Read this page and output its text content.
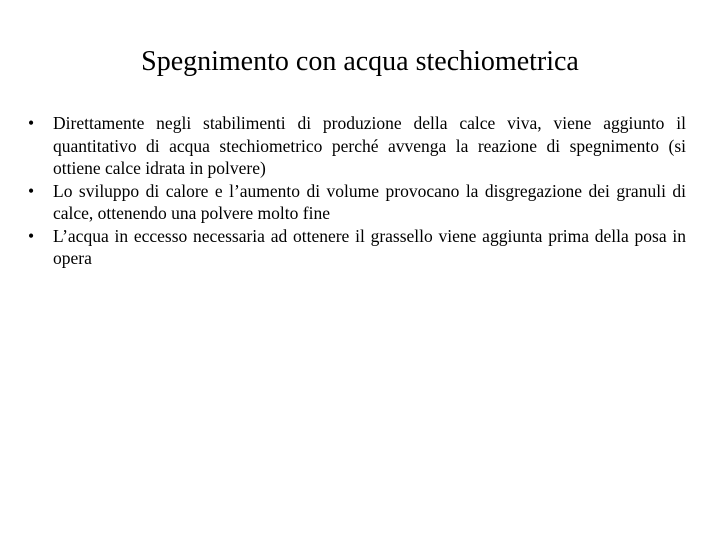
Spegnimento con acqua stechiometrica
•	Direttamente negli stabilimenti di produzione della calce viva, viene aggiunto il quantitativo di acqua stechiometrico perché avvenga la reazione di spegnimento (si ottiene calce idrata in polvere)
•	Lo sviluppo di calore e l’aumento di volume provocano la disgregazione dei granuli di calce, ottenendo una polvere molto fine
•	L’acqua in eccesso necessaria ad ottenere il grassello viene aggiunta prima della posa in opera
